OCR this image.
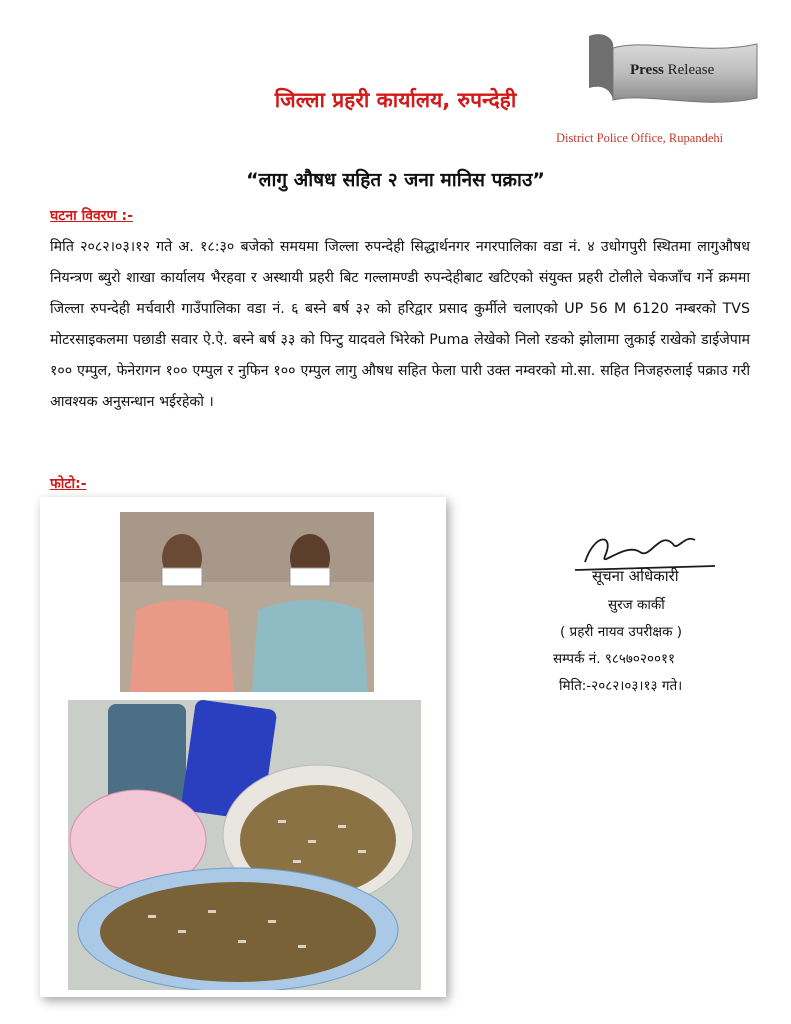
Press Release
जिल्ला प्रहरी कार्यालय, रुपन्देही
District Police Office, Rupandehi
“लागु औषध सहित २ जना मानिस पक्राउ”
घटना विवरण :-
मिति २०८२।०३।१२ गते अ. १८:३० बजेको समयमा जिल्ला रुपन्देही सिद्धार्थनगर नगरपालिका वडा नं. ४ उधोगपुरी स्थितमा लागुऔषध नियन्त्रण ब्युरो शाखा कार्यालय भैरहवा र अस्थायी प्रहरी बिट गल्लामण्डी रुपन्देहीबाट खटिएको संयुक्त प्रहरी टोलीले चेकजाँच गर्ने क्रममा जिल्ला रुपन्देही मर्चवारी गाउँपालिका वडा नं. ६ बस्ने बर्ष ३२ को हरिद्वार प्रसाद कुर्मीले चलाएको UP 56 M 6120 नम्बरको TVS मोटरसाइकलमा पछाडी सवार ऐ.ऐ. बस्ने बर्ष ३३ को पिन्टु यादवले भिरेको Puma लेखेको निलो रङको झोलामा लुकाई राखेको डाईजेपाम १०० एम्पुल, फेनेरागन १०० एम्पुल र नुफिन १०० एम्पुल लागु औषध सहित फेला पारी उक्त नम्वरको मो.सा. सहित निजहरुलाई पक्राउ गरी आवश्यक अनुसन्धान भईरहेको ।
फोटो:-
सूचना अधिकारी
सुरज कार्की
( प्रहरी नायव उपरीक्षक )
सम्पर्क नं. ९८५७०२००११
मिति:-२०८२।०३।१३ गते।
